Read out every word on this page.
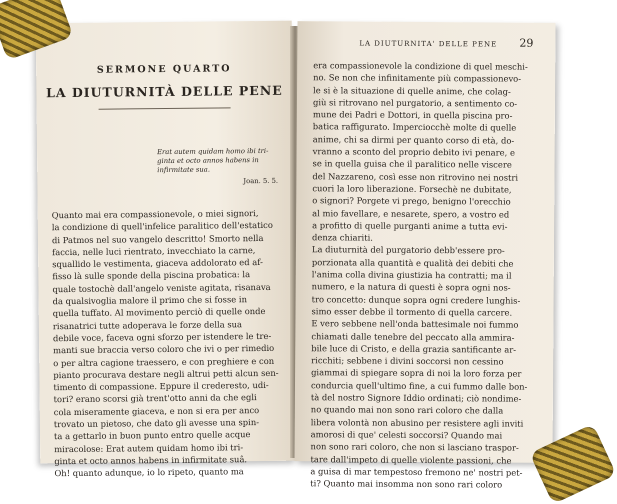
SERMONE QUARTO
LA DIUTURNITÀ DELLE PENE
Erat autem quidam homo ibi tri-
ginta et octo annos habens in
infirmitate sua.
Joan. 5. 5.
Quanto mai era compassionevole, o miei signori,
la condizione di quell'infelice paralitico dell'estatico
di Patmos nel suo vangelo descritto! Smorto nella
faccia, nelle luci rientrato, invecchiato la carne,
squallido le vestimenta, giaceva addolorato ed af-
fisso là sulle sponde della piscina probatica: la
quale tostochè dall'angelo veniste agitata, risanava
da qualsivoglia malore il primo che si fosse in
quella tuffato. Al movimento perciò di quelle onde
risanatrici tutte adoperava le forze della sua
debile voce, faceva ogni sforzo per istendere le tre-
manti sue braccia verso coloro che ivi o per rimedio
o per altra cagione traessero, e con preghiere e con
pianto procurava destare negli altrui petti alcun sen-
timento di compassione. Eppure il crederesto, udi-
tori? erano scorsi già trent'otto anni da che egli
cola miseramente giaceva, e non si era per anco
trovato un pietoso, che dato gli avesse una spin-
ta a gettarlo in buon punto entro quelle acque
miracolose: Erat autem quidam homo ibi tri-
ginta et octo annos habens in infirmitate suâ.
Oh! quanto adunque, io lo ripeto, quanto ma
LA DIUTURNITA' DELLE PENE 29
era compassionevole la condizione di quel meschi-
no. Se non che infinitamente più compassionevo-
le si è la situazione di quelle anime, che colag-
giù si ritrovano nel purgatorio, a sentimento co-
mune dei Padri e Dottori, in quella piscina pro-
batica raffigurato. Imperciocchè molte di quelle
anime, chi sa dirmi per quanto corso di età, do-
vranno a sconto del proprio debito ivi penare, e
se in quella guisa che il paralitico nelle viscere
del Nazzareno, così esse non ritrovino nei nostri
cuori la loro liberazione. Forsechè ne dubitate,
o signori? Porgete vi prego, benigno l'orecchio
al mio favellare, e nesarete, spero, a vostro ed
a profitto di quelle purganti anime a tutta evi-
denza chiariti.
La diuturnità del purgatorio debb'essere pro-
porzionata alla quantità e qualità dei debiti che
l'anima colla divina giustizia ha contratti; ma il
numero, e la natura di questi è sopra ogni nos-
tro concetto: dunque sopra ogni credere lunghis-
simo esser debbe il tormento di quella carcere.
E vero sebbene nell'onda battesimale noi fummo
chiamati dalle tenebre del peccato alla ammira-
bile luce di Cristo, e della grazia santificante ar-
ricchiti; sebbene i divini soccorsi non cessino
giammai di spiegare sopra di noi la loro forza per
condurcia quell'ultimo fine, a cui fummo dalle bon-
tà del nostro Signore Iddio ordinati; ciò nondime-
no quando mai non sono rari coloro che dalla
libera volontà non abusino per resistere agli inviti
amorosi di que' celesti soccorsi? Quando mai
non sono rari coloro, che non si lasciano traspor-
tare dall'impeto di quelle violente passioni, che
a guisa di mar tempestoso fremono ne' nostri pet-
ti? Quanto mai insomma non sono rari coloro
